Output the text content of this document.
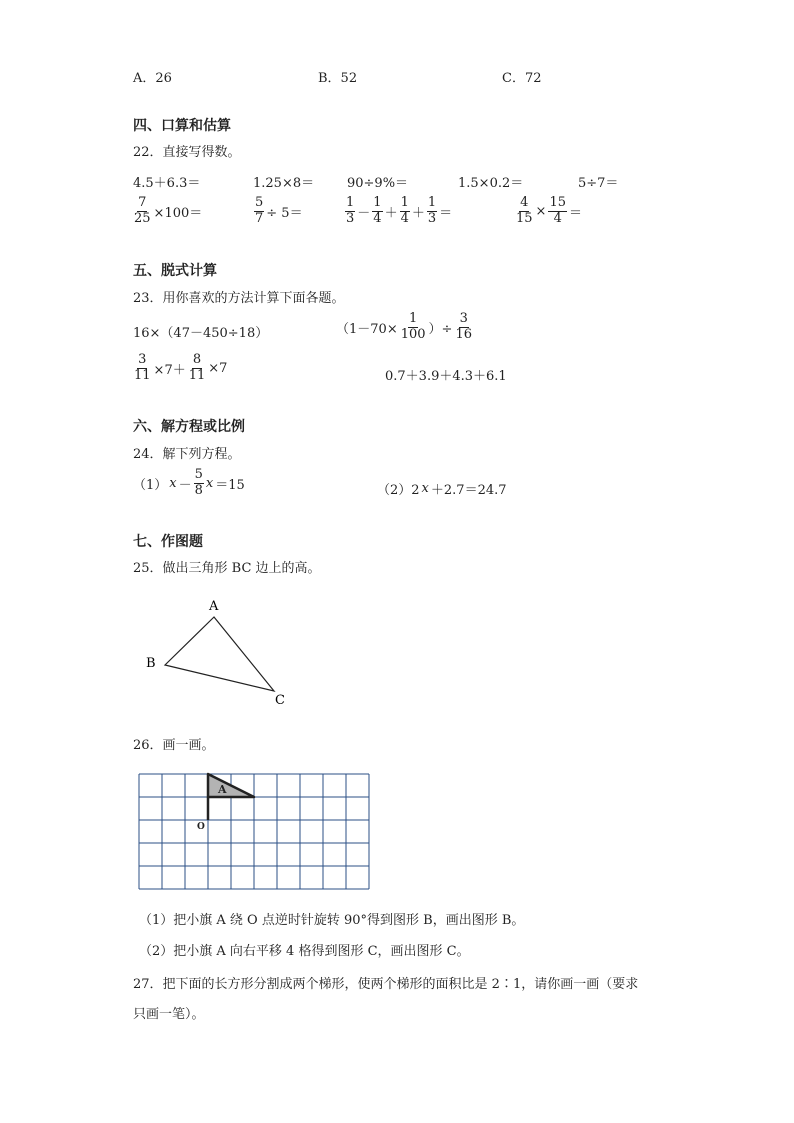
A．26	B．52	C．72
四、口算和估算
22．直接写得数。
4.5＋6.3＝	1.25×8＝	90÷9%＝	1.5×0.2＝	5÷7＝
$\frac{7}{25} \times 100=$	$\frac{5}{7} \div 5=$	$\frac{1}{3} - \frac{1}{4} + \frac{1}{4} + \frac{1}{3}$ ＝	$\frac{4}{15} \times \frac{15}{4}$ ＝
五、脱式计算
23．用你喜欢的方法计算下面各题。
16×（47－450÷18）	（$1-70\times \frac{1}{100}$ ）÷ $\frac{3}{16}$
$\frac{3}{11} \times 7+ \frac{8}{11} \times 7$
0.7＋3.9＋4.3＋6.1
六、解方程或比例
24．解下列方程。
（1） $x - \frac{5}{8}$ x ＝15	（2）2 x ＋2.7＝24.7
七、作图题
25．做出三角形 BC 边上的高。
A
B
C
26．画一画。
A
O
（1）把小旗 A 绕 O 点逆时针旋转 90°得到图形 B，画出图形 B。
（2）把小旗 A 向右平移 4 格得到图形 C，画出图形 C。
27．把下面的长方形分割成两个梯形，使两个梯形的面积比是 2∶1，请你画一画（要求
只画一笔）。
